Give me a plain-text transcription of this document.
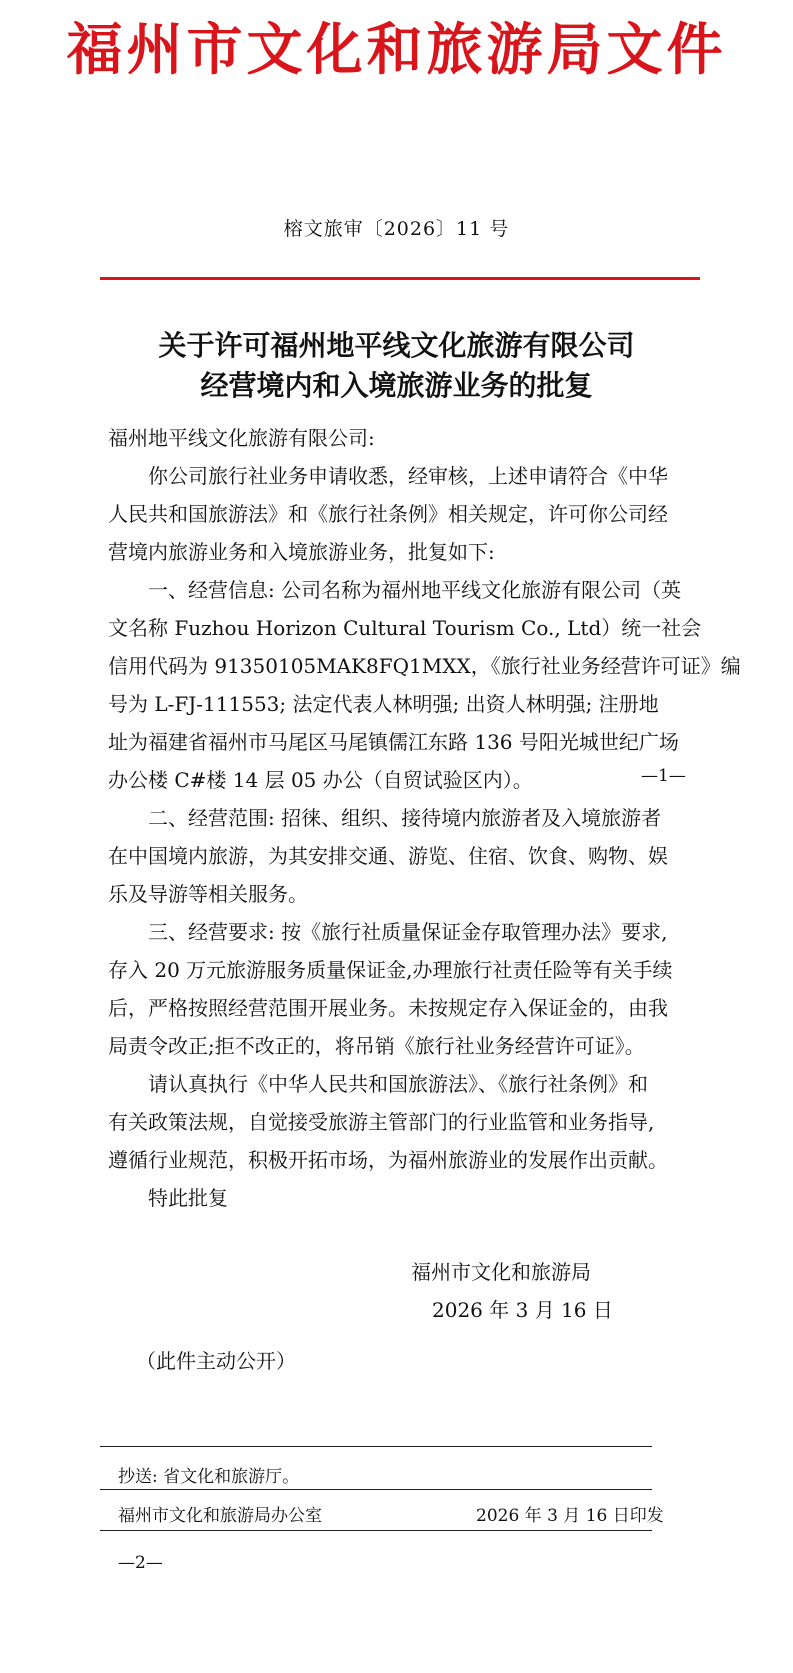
福州市文化和旅游局文件
榕文旅审〔2026〕11 号
关于许可福州地平线文化旅游有限公司
经营境内和入境旅游业务的批复
福州地平线文化旅游有限公司:
　　你公司旅行社业务申请收悉，经审核，上述申请符合《中华
人民共和国旅游法》和《旅行社条例》相关规定，许可你公司经
营境内旅游业务和入境旅游业务，批复如下:
　　一、经营信息: 公司名称为福州地平线文化旅游有限公司（英
文名称 Fuzhou Horizon Cultural Tourism Co., Ltd）统一社会
信用代码为 91350105MAK8FQ1MXX，《旅行社业务经营许可证》编
号为 L-FJ-111553; 法定代表人林明强; 出资人林明强; 注册地
—1—
址为福建省福州市马尾区马尾镇儒江东路 136 号阳光城世纪广场
办公楼 C#楼 14 层 05 办公（自贸试验区内）。
　　二、经营范围: 招徕、组织、接待境内旅游者及入境旅游者
在中国境内旅游，为其安排交通、游览、住宿、饮食、购物、娱
乐及导游等相关服务。
　　三、经营要求: 按《旅行社质量保证金存取管理办法》要求,
存入 20 万元旅游服务质量保证金,办理旅行社责任险等有关手续
后，严格按照经营范围开展业务。未按规定存入保证金的，由我
局责令改正;拒不改正的，将吊销《旅行社业务经营许可证》。
　　请认真执行《中华人民共和国旅游法》、《旅行社条例》和
有关政策法规，自觉接受旅游主管部门的行业监管和业务指导,
遵循行业规范，积极开拓市场，为福州旅游业的发展作出贡献。
　　特此批复
福州市文化和旅游局
2026 年 3 月 16 日
（此件主动公开）
抄送: 省文化和旅游厅。
福州市文化和旅游局办公室	2026 年 3 月 16 日印发
—2—
